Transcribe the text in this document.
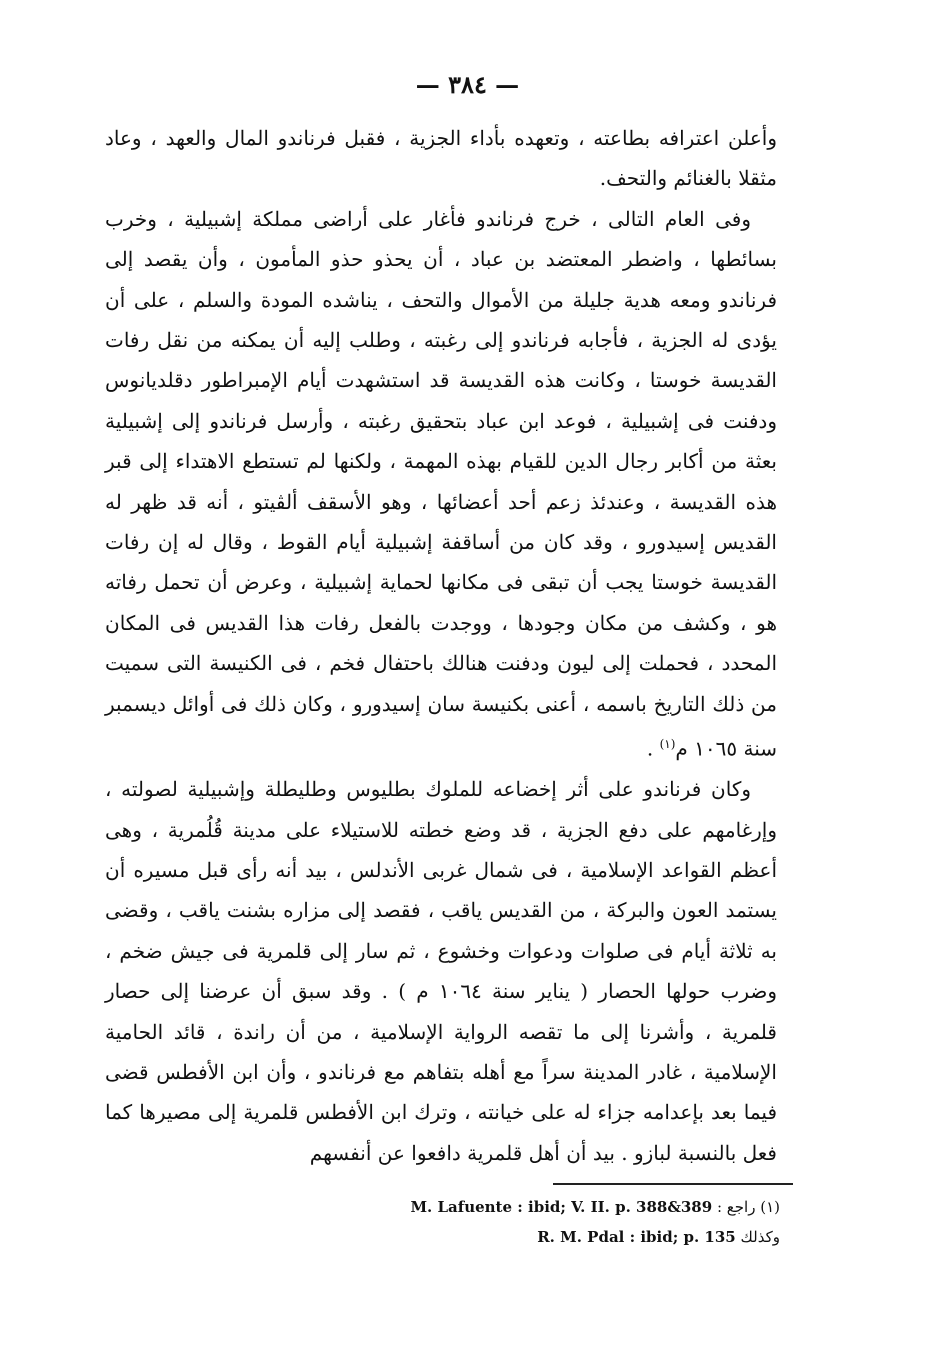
— ٣٨٤ —

وأعلن اعترافه بطاعته ، وتعهده بأداء الجزية ، فقبل فرناندو المال والعهد ، وعاد مثقلا بالغنائم والتحف.

وفى العام التالى ، خرج فرناندو فأغار على أراضى مملكة إشبيلية ، وخرب بسائطها ، واضطر المعتضد بن عباد ، أن يحذو حذو المأمون ، وأن يقصد إلى فرناندو ومعه هدية جليلة من الأموال والتحف ، يناشده المودة والسلم ، على أن يؤدى له الجزية ، فأجابه فرناندو إلى رغبته ، وطلب إليه أن يمكنه من نقل رفات القديسة خوستا ، وكانت هذه القديسة قد استشهدت أيام الإمبراطور دقلديانوس ودفنت فى إشبيلية ، فوعد ابن عباد بتحقيق رغبته ، وأرسل فرناندو إلى إشبيلية بعثة من أكابر رجال الدين للقيام بهذه المهمة ، ولكنها لم تستطع الاهتداء إلى قبر هذه القديسة ، وعندئذ زعم أحد أعضائها ، وهو الأسقف ألڤيتو ، أنه قد ظهر له القديس إسيدورو ، وقد كان من أساقفة إشبيلية أيام القوط ، وقال له إن رفات القديسة خوستا يجب أن تبقى فى مكانها لحماية إشبيلية ، وعرض أن تحمل رفاته هو ، وكشف من مكان وجودها ، ووجدت بالفعل رفات هذا القديس فى المكان المحدد ، فحملت إلى ليون ودفنت هنالك باحتفال فخم ، فى الكنيسة التى سميت من ذلك التاريخ باسمه ، أعنى بكنيسة سان إسيدورو ، وكان ذلك فى أوائل ديسمبر سنة ١٠٦٥ م$^{(١)}$ .

وكان فرناندو على أثر إخضاعه للملوك بطليوس وطليطلة وإشبيلية لصولته ، وإرغامهم على دفع الجزية ، قد وضع خطته للاستيلاء على مدينة قُلُمرية ، وهى أعظم القواعد الإسلامية ، فى شمال غربى الأندلس ، بيد أنه رأى قبل مسيره أن يستمد العون والبركة ، من القديس ياقب ، فقصد إلى مزاره بشنت ياقب ، وقضى به ثلاثة أيام فى صلوات ودعوات وخشوع ، ثم سار إلى قلمرية فى جيش ضخم ، وضرب حولها الحصار ( يناير سنة ١٠٦٤ م ) . وقد سبق أن عرضنا إلى حصار قلمرية ، وأشرنا إلى ما تقصه الرواية الإسلامية ، من أن راندة ، قائد الحامية الإسلامية ، غادر المدينة سراً مع أهله بتفاهم مع فرناندو ، وأن ابن الأفطس قضى فيما بعد بإعدامه جزاء له على خيانته ، وترك ابن الأفطس قلمرية إلى مصيرها كما فعل بالنسبة لبازو . بيد أن أهل قلمرية دافعوا عن أنفسهم

(١) راجع : M. Lafuente : ibid; V. II. p. 388&389
وكذلك R. M. Pdal : ibid; p. 135
